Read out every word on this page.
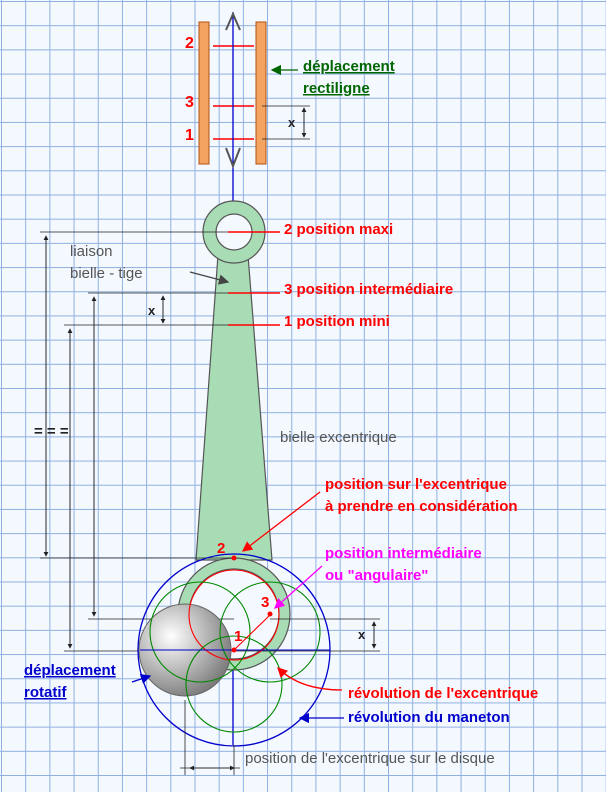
déplacement
rectiligne
2
3
1
x
x
x
2 position maxi
3 position intermédiaire
1 position mini
liaison
bielle - tige
= = =	bielle excentrique
position sur l'excentrique
à prendre en considération
position intermédiaire
ou "angulaire"
2
3
1
déplacement
rotatif	révolution de l'excentrique
révolution du maneton
position de l'excentrique sur le disque
